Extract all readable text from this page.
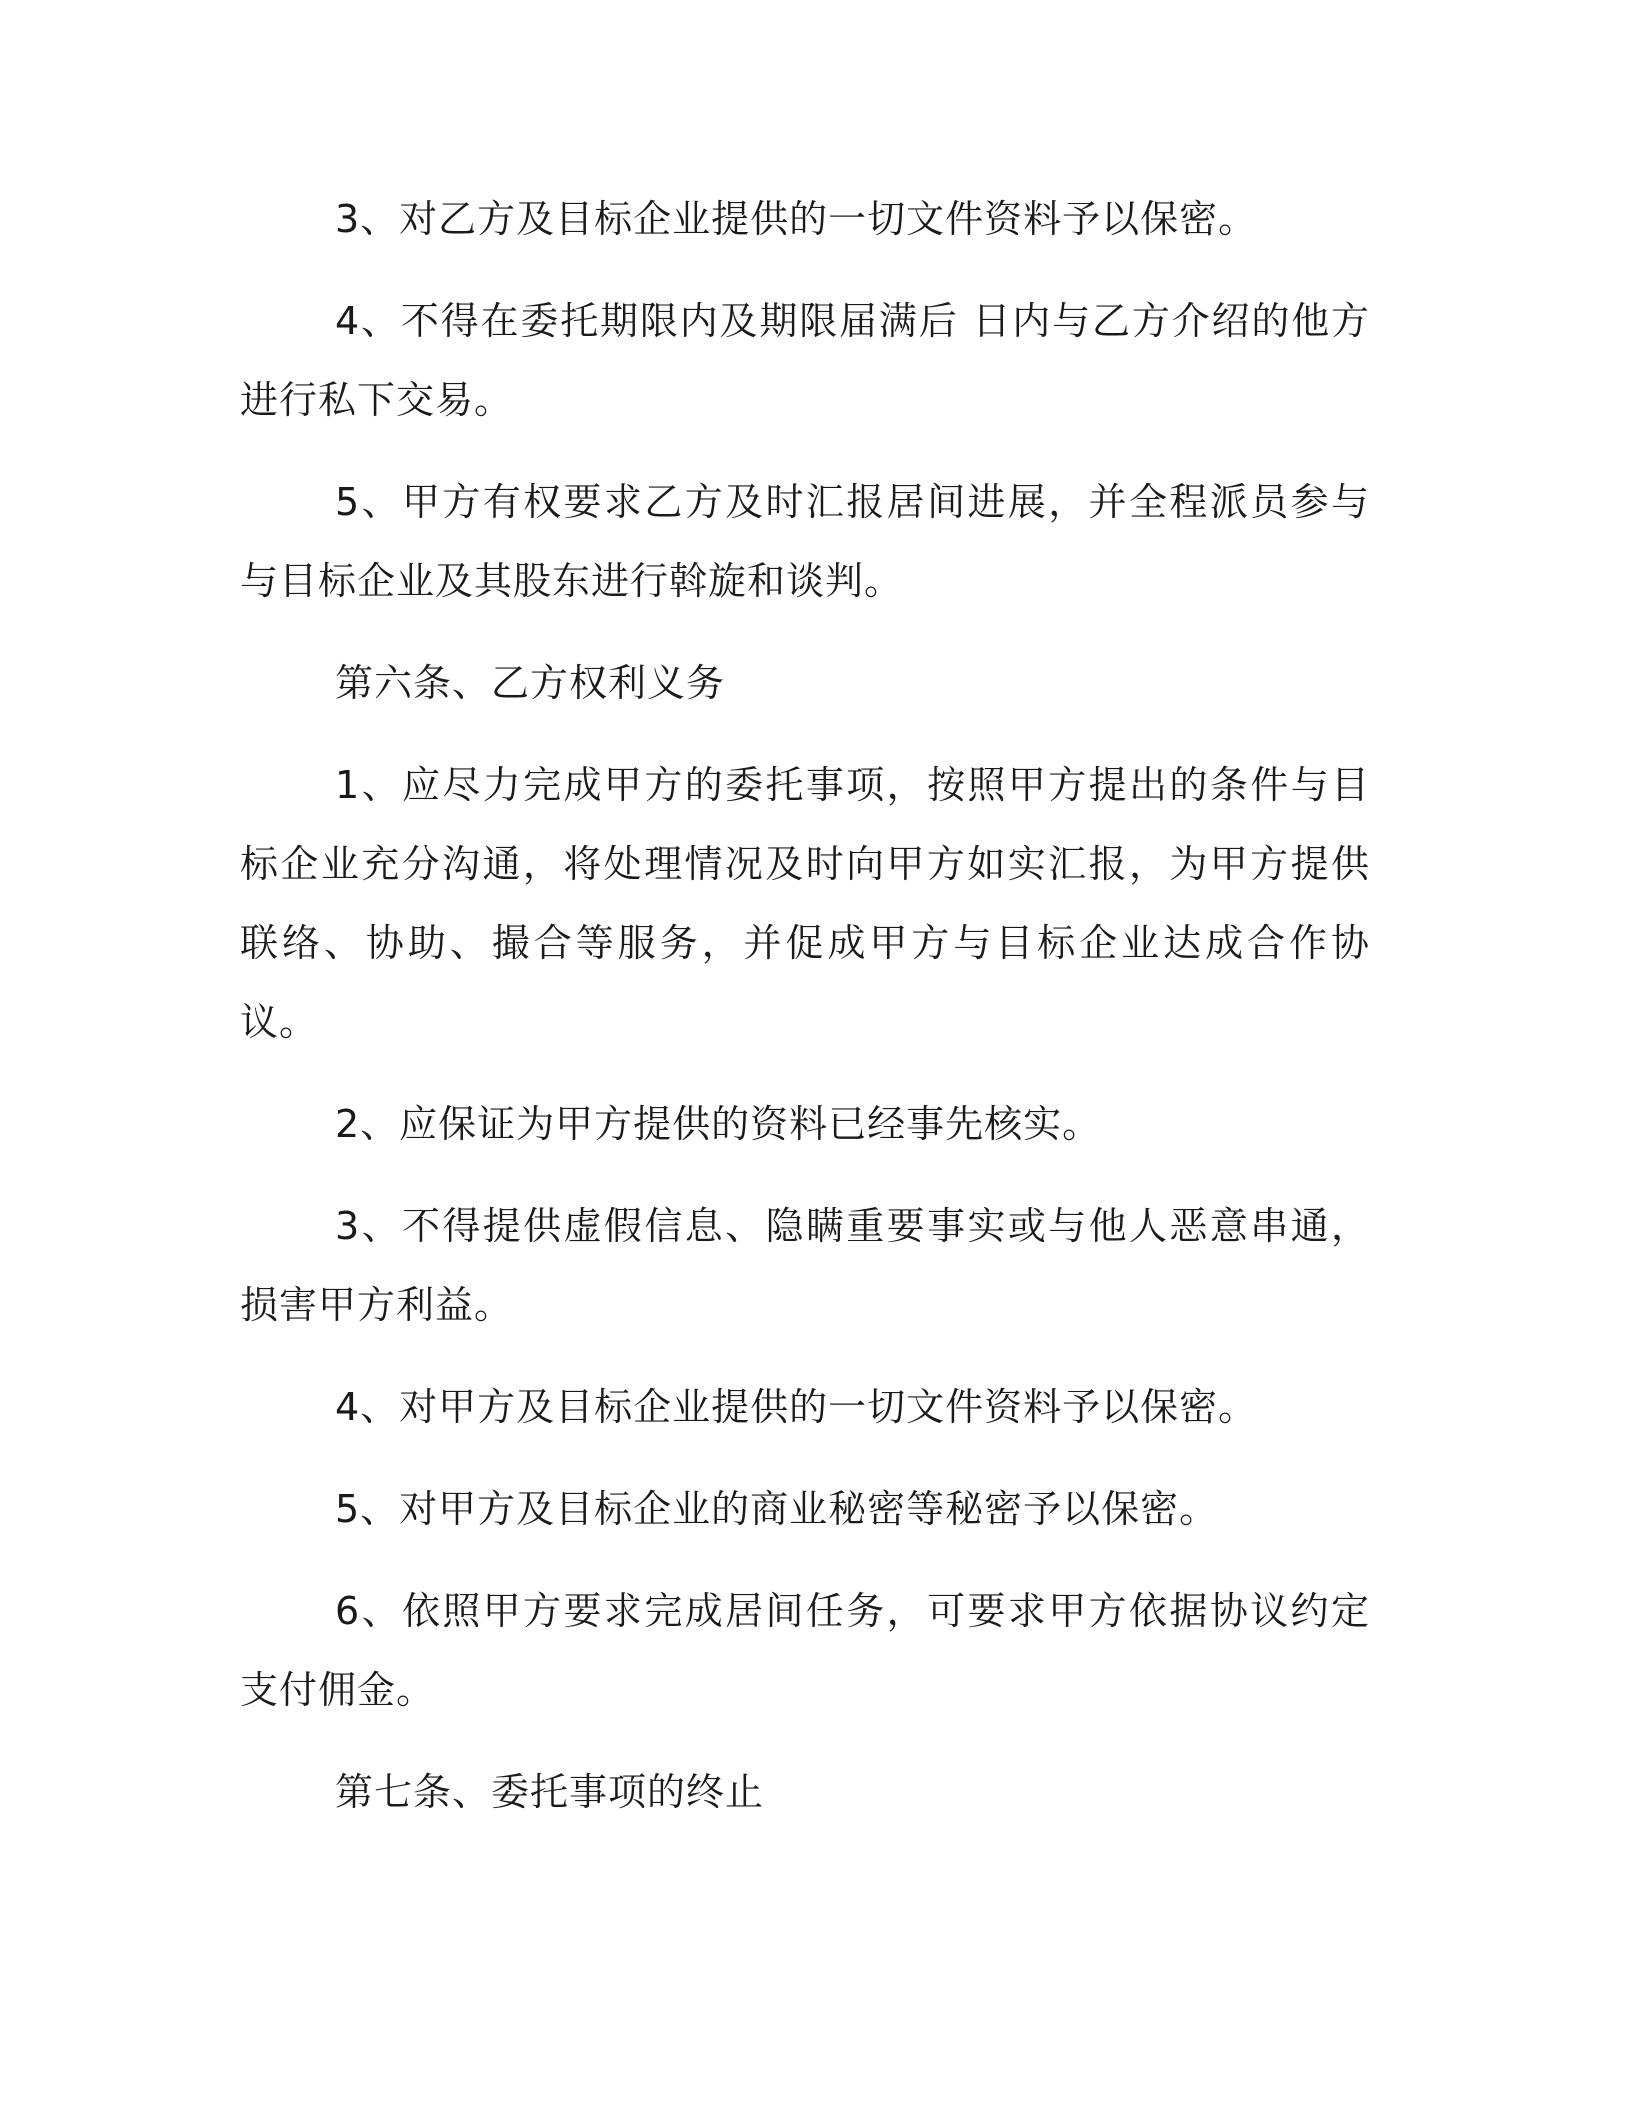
3、对乙方及目标企业提供的一切文件资料予以保密。

4、不得在委托期限内及期限届满后 日内与乙方介绍的他方进行私下交易。

5、甲方有权要求乙方及时汇报居间进展，并全程派员参与与目标企业及其股东进行斡旋和谈判。

第六条、乙方权利义务

1、应尽力完成甲方的委托事项，按照甲方提出的条件与目标企业充分沟通，将处理情况及时向甲方如实汇报，为甲方提供联络、协助、撮合等服务，并促成甲方与目标企业达成合作协议。

2、应保证为甲方提供的资料已经事先核实。

3、不得提供虚假信息、隐瞒重要事实或与他人恶意串通，损害甲方利益。

4、对甲方及目标企业提供的一切文件资料予以保密。

5、对甲方及目标企业的商业秘密等秘密予以保密。

6、依照甲方要求完成居间任务，可要求甲方依据协议约定支付佣金。

第七条、委托事项的终止
